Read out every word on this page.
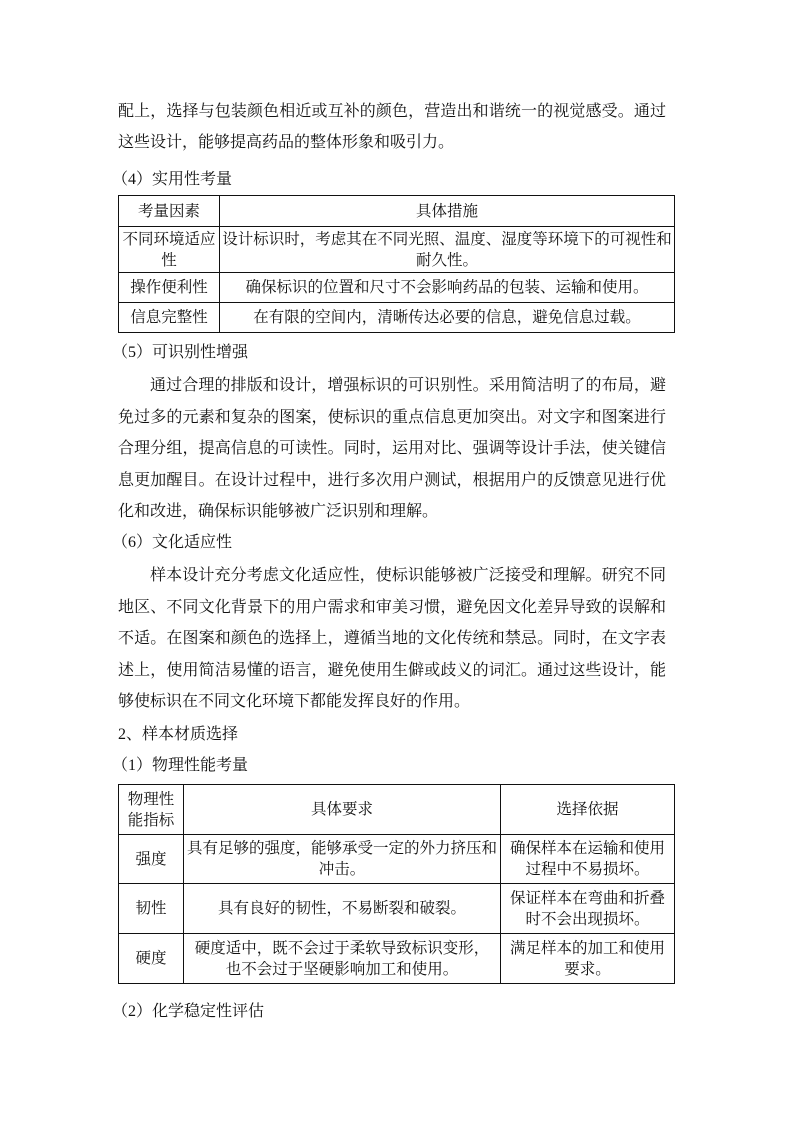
配上，选择与包装颜色相近或互补的颜色，营造出和谐统一的视觉感受。通过这些设计，能够提高药品的整体形象和吸引力。
（4）实用性考量
考量因素	具体措施
不同环境适应性	设计标识时，考虑其在不同光照、温度、湿度等环境下的可视性和耐久性。
操作便利性	确保标识的位置和尺寸不会影响药品的包装、运输和使用。
信息完整性	在有限的空间内，清晰传达必要的信息，避免信息过载。
（5）可识别性增强
通过合理的排版和设计，增强标识的可识别性。采用简洁明了的布局，避免过多的元素和复杂的图案，使标识的重点信息更加突出。对文字和图案进行合理分组，提高信息的可读性。同时，运用对比、强调等设计手法，使关键信息更加醒目。在设计过程中，进行多次用户测试，根据用户的反馈意见进行优化和改进，确保标识能够被广泛识别和理解。
（6）文化适应性
样本设计充分考虑文化适应性，使标识能够被广泛接受和理解。研究不同地区、不同文化背景下的用户需求和审美习惯，避免因文化差异导致的误解和不适。在图案和颜色的选择上，遵循当地的文化传统和禁忌。同时，在文字表述上，使用简洁易懂的语言，避免使用生僻或歧义的词汇。通过这些设计，能够使标识在不同文化环境下都能发挥良好的作用。
2、样本材质选择
（1）物理性能考量
物理性能指标	具体要求	选择依据
强度	具有足够的强度，能够承受一定的外力挤压和冲击。	确保样本在运输和使用过程中不易损坏。
韧性	具有良好的韧性，不易断裂和破裂。	保证样本在弯曲和折叠时不会出现损坏。
硬度	硬度适中，既不会过于柔软导致标识变形，也不会过于坚硬影响加工和使用。	满足样本的加工和使用要求。
（2）化学稳定性评估
